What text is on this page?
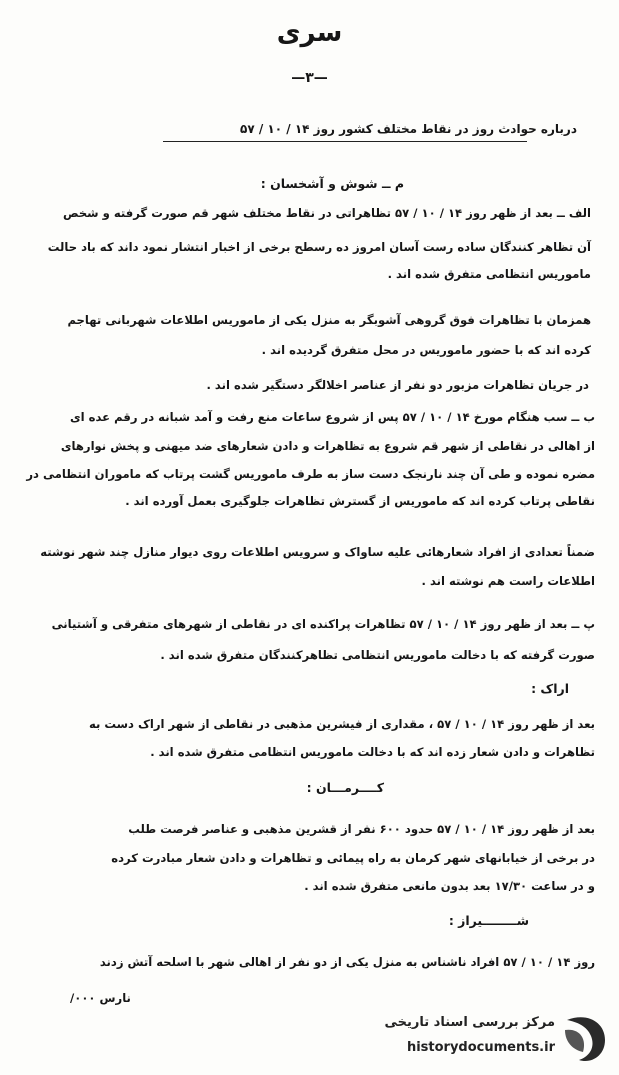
سری
—۳—
درباره حوادث روز در نقاط مختلف کشور روز ۱۴ / ۱۰ / ۵۷
م ــ شوش و آشخسان :
الف ــ بعد از ظهر روز ۱۴ / ۱۰ / ۵۷ تظاهراتی در نقاط مختلف شهر قم صورت گرفته و شخص
آن تظاهر کنندگان ساده رست آسان امروز ده رسطح برخی از اخبار انتشار نمود داند که باد حالت
ماموریس انتظامی متفرق شده اند .
همزمان با تظاهرات فوق گروهی آشوبگر به منزل یکی از ماموریس اطلاعات شهربانی تهاجم
کرده اند که با حضور ماموریس در محل متفرق گردیده اند .
در جریان تظاهرات مزبور دو نفر از عناصر اخلالگر دستگیر شده اند .
ب ــ سب هنگام مورخ ۱۴ / ۱۰ / ۵۷ پس از شروع ساعات منع رفت و آمد شبانه در رقم عده ای
از اهالی در نقاطی از شهر قم شروع به تظاهرات و دادن شعارهای ضد میهنی و پخش نوارهای
مضره نموده و طی آن چند نارنجک دست ساز به طرف ماموریس گشت پرتاب که ماموران انتظامی در
نقاطی پرتاب کرده اند که ماموریس از گسترش تظاهرات جلوگیری بعمل آورده اند .
ضمناً تعدادی از افراد شعارهائی علیه ساواک و سرویس اطلاعات روی دیوار منازل چند شهر نوشته
اطلاعات راست هم نوشته اند .
پ ــ بعد از ظهر روز ۱۴ / ۱۰ / ۵۷ تظاهرات پراکنده ای در نقاطی از شهرهای متفرقی و آشتیانی
صورت گرفته که با دخالت ماموریس انتظامی تظاهرکنندگان متفرق شده اند .
اراک :
بعد از ظهر روز ۱۴ / ۱۰ / ۵۷ ، مقداری از فیشرین مذهبی در نقاطی از شهر اراک دست به
تظاهرات و دادن شعار زده اند که با دخالت ماموریس انتظامی متفرق شده اند .
کــــرمـــان :
بعد از ظهر روز ۱۴ / ۱۰ / ۵۷ حدود ۶۰۰ نفر از قشرین مذهبی و عناصر فرصت طلب
در برخی از خیابانهای شهر کرمان به راه پیمائی و تظاهرات و دادن شعار مبادرت کرده
و در ساعت ۱۷/۳۰ بعد بدون مانعی متفرق شده اند .
شــــــــیراز :
روز ۱۴ / ۱۰ / ۵۷ افراد ناشناس به منزل یکی از دو نفر از اهالی شهر با اسلحه آتش زدند
نارس ۰۰۰/
مرکز بررسی اسناد تاریخی
historydocuments.ir
